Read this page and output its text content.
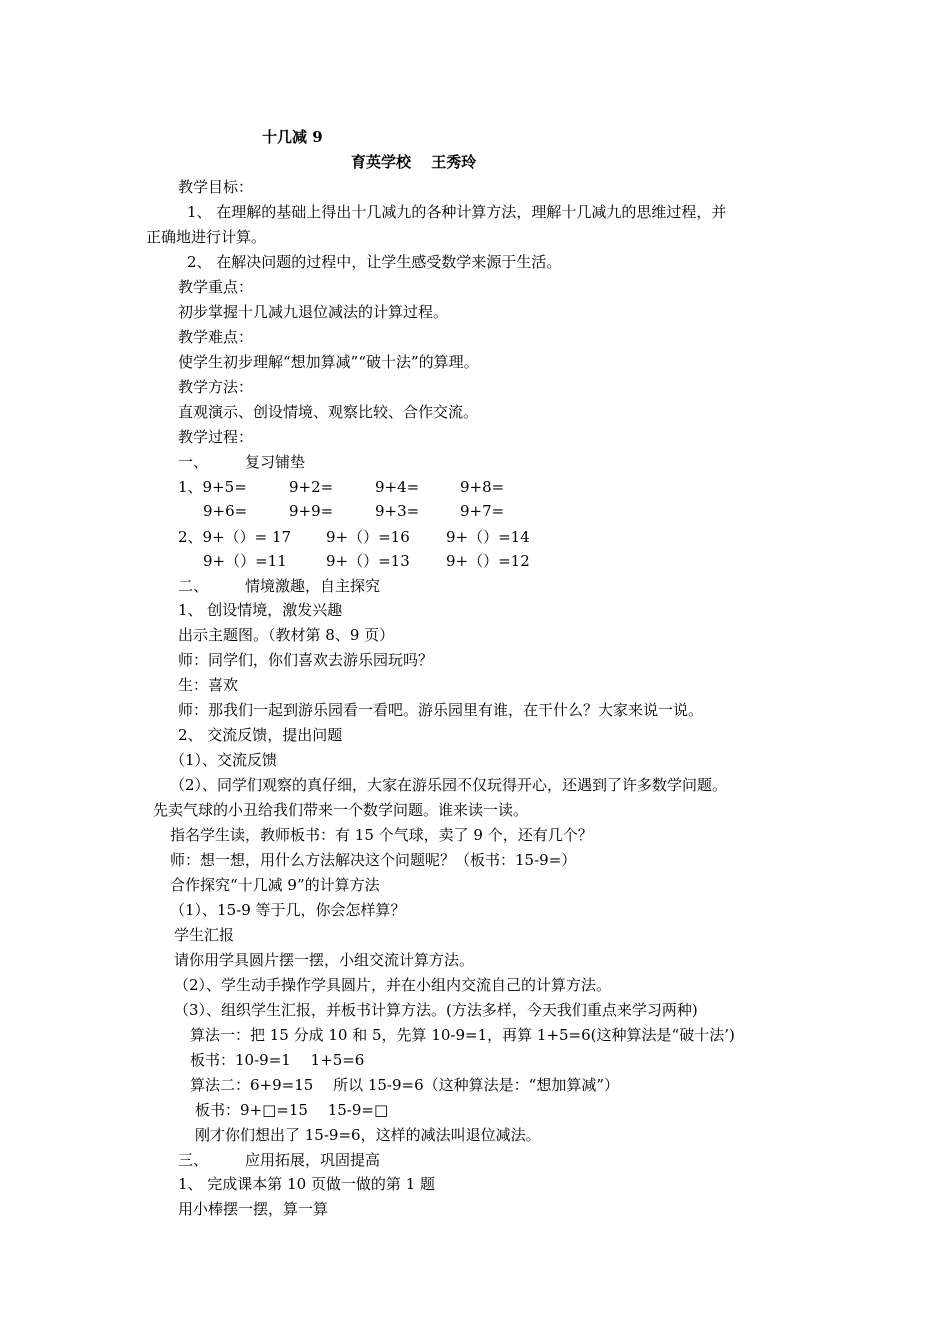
十几减 9
育英学校　 王秀玲
教学目标：
1、 在理解的基础上得出十几减九的各种计算方法，理解十几减九的思维过程，并
正确地进行计算。
2、 在解决问题的过程中，让学生感受数学来源于生活。
教学重点：
初步掌握十几减九退位减法的计算过程。
教学难点：
使学生初步理解“想加算减”“破十法”的算理。
教学方法：
直观演示、创设情境、观察比较、合作交流。
教学过程：
一、 复习铺垫
1、9+5=	9+2=	9+4=	9+8=
9+6=	9+9=	9+3=	9+7=
2、9+（）= 17 9+（）=16 9+（）=14
9+（）=11	9+（）=13 9+（）=12
二、 情境激趣，自主探究
1、 创设情境，激发兴趣
出示主题图。（教材第 8、9 页）
师：同学们，你们喜欢去游乐园玩吗？
生：喜欢
师：那我们一起到游乐园看一看吧。游乐园里有谁，在干什么？大家来说一说。
2、 交流反馈，提出问题
（1）、交流反馈
（2）、同学们观察的真仔细，大家在游乐园不仅玩得开心，还遇到了许多数学问题。
先卖气球的小丑给我们带来一个数学问题。谁来读一读。
指名学生读，教师板书：有 15 个气球，卖了 9 个，还有几个？
师：想一想，用什么方法解决这个问题呢？（板书：15-9=）
合作探究“十几减 9”的计算方法
（1）、15-9 等于几，你会怎样算？
学生汇报
请你用学具圆片摆一摆，小组交流计算方法。
（2）、学生动手操作学具圆片，并在小组内交流自己的计算方法。
（3）、组织学生汇报，并板书计算方法。(方法多样，今天我们重点来学习两种)
算法一：把 15 分成 10 和 5，先算 10-9=1，再算 1+5=6(这种算法是“破十法’)
板书：10-9=1　 1+5=6
算法二：6+9=15　 所以 15-9=6（这种算法是：“想加算减”）
板书：9+□=15　 15-9=□
刚才你们想出了 15-9=6，这样的减法叫退位减法。
三、 应用拓展，巩固提高
1、 完成课本第 10 页做一做的第 1 题
用小棒摆一摆，算一算
